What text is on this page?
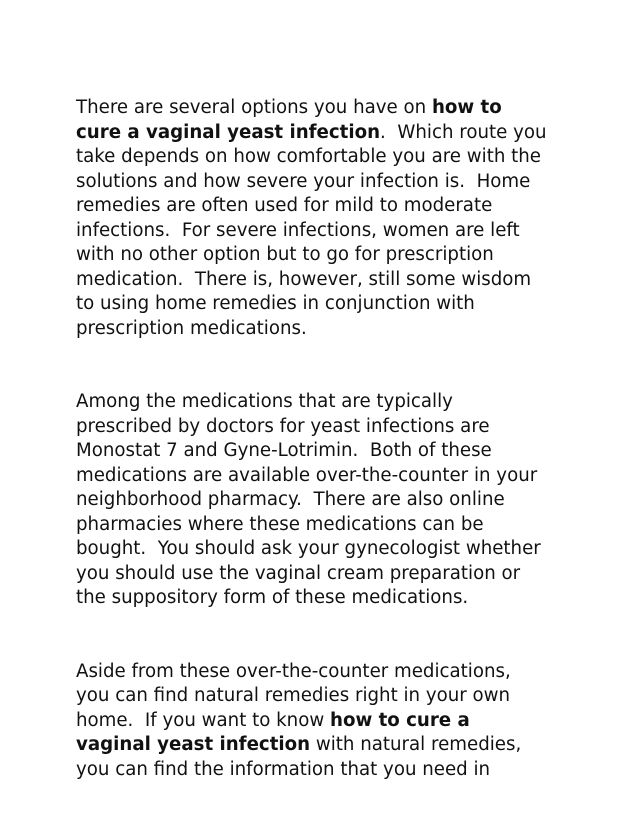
There are several options you have on how to
cure a vaginal yeast infection.  Which route you
take depends on how comfortable you are with the
solutions and how severe your infection is.  Home
remedies are often used for mild to moderate
infections.  For severe infections, women are left
with no other option but to go for prescription
medication.  There is, however, still some wisdom
to using home remedies in conjunction with
prescription medications.
Among the medications that are typically
prescribed by doctors for yeast infections are
Monostat 7 and Gyne-Lotrimin.  Both of these
medications are available over-the-counter in your
neighborhood pharmacy.  There are also online
pharmacies where these medications can be
bought.  You should ask your gynecologist whether
you should use the vaginal cream preparation or
the suppository form of these medications.
Aside from these over-the-counter medications,
you can find natural remedies right in your own
home.  If you want to know how to cure a
vaginal yeast infection with natural remedies,
you can find the information that you need in
